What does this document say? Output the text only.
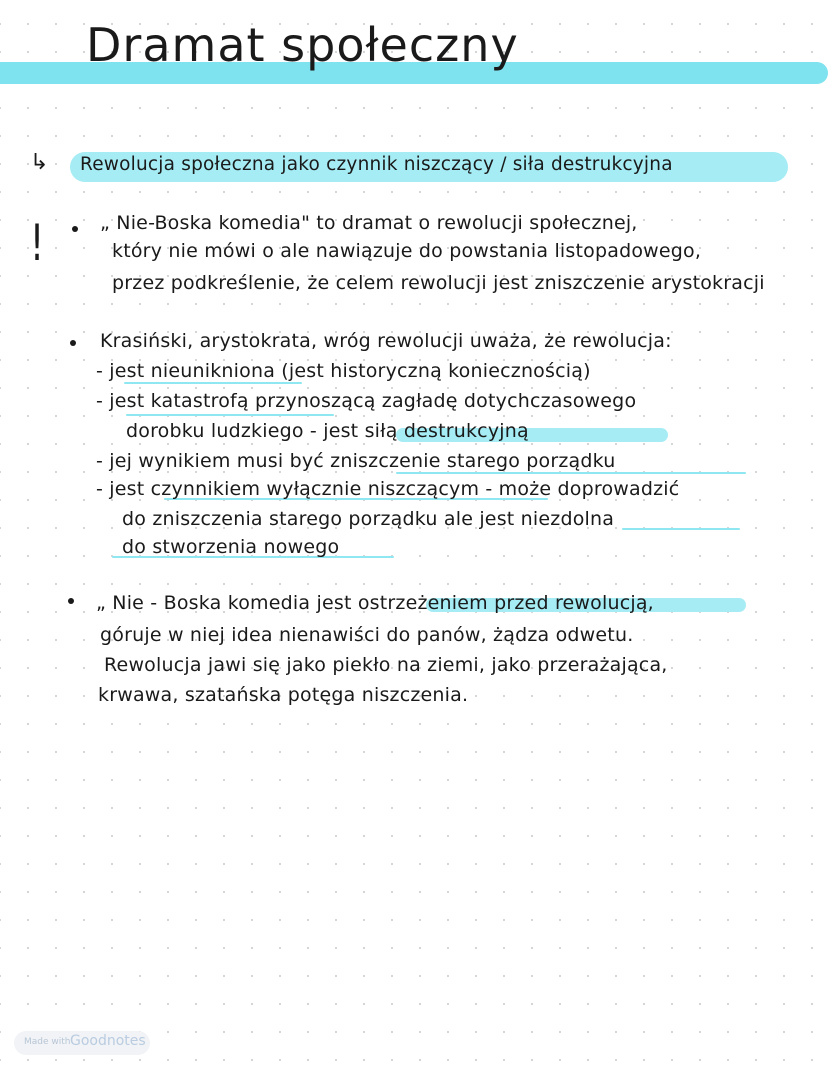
Dramat społeczny
↳ Rewolucja społeczna jako czynnik niszczący / siła destrukcyjna
!	„ Nie-Boska komedia" to dramat o rewolucji społecznej,
który nie mówi o ale nawiązuje do powstania listopadowego,
przez podkreślenie, że celem rewolucji jest zniszczenie arystokracji
Krasiński, arystokrata, wróg rewolucji uważa, że rewolucja:
- jest nieuniknionа (jest historyczną koniecznością)
- jest katastrofą przynoszącą zagładę dotychczasowego
dorobku ludzkiego - jest siłą destrukcyjną
- jej wynikiem musi być zniszczenie starego porządku
- jest czynnikiem wyłącznie niszczącym - może doprowadzić
do zniszczenia starego porządku ale jest niezdolna
do stworzenia nowego
„ Nie - Boska komedia jest ostrzeżeniem przed rewolucją,
góruje w niej idea nienawiści do panów, żądza odwetu.
Rewolucja jawi się jako piekło na ziemi, jako przerażająca,
krwawa, szatańska potęga niszczenia.
Made with Goodnotes
